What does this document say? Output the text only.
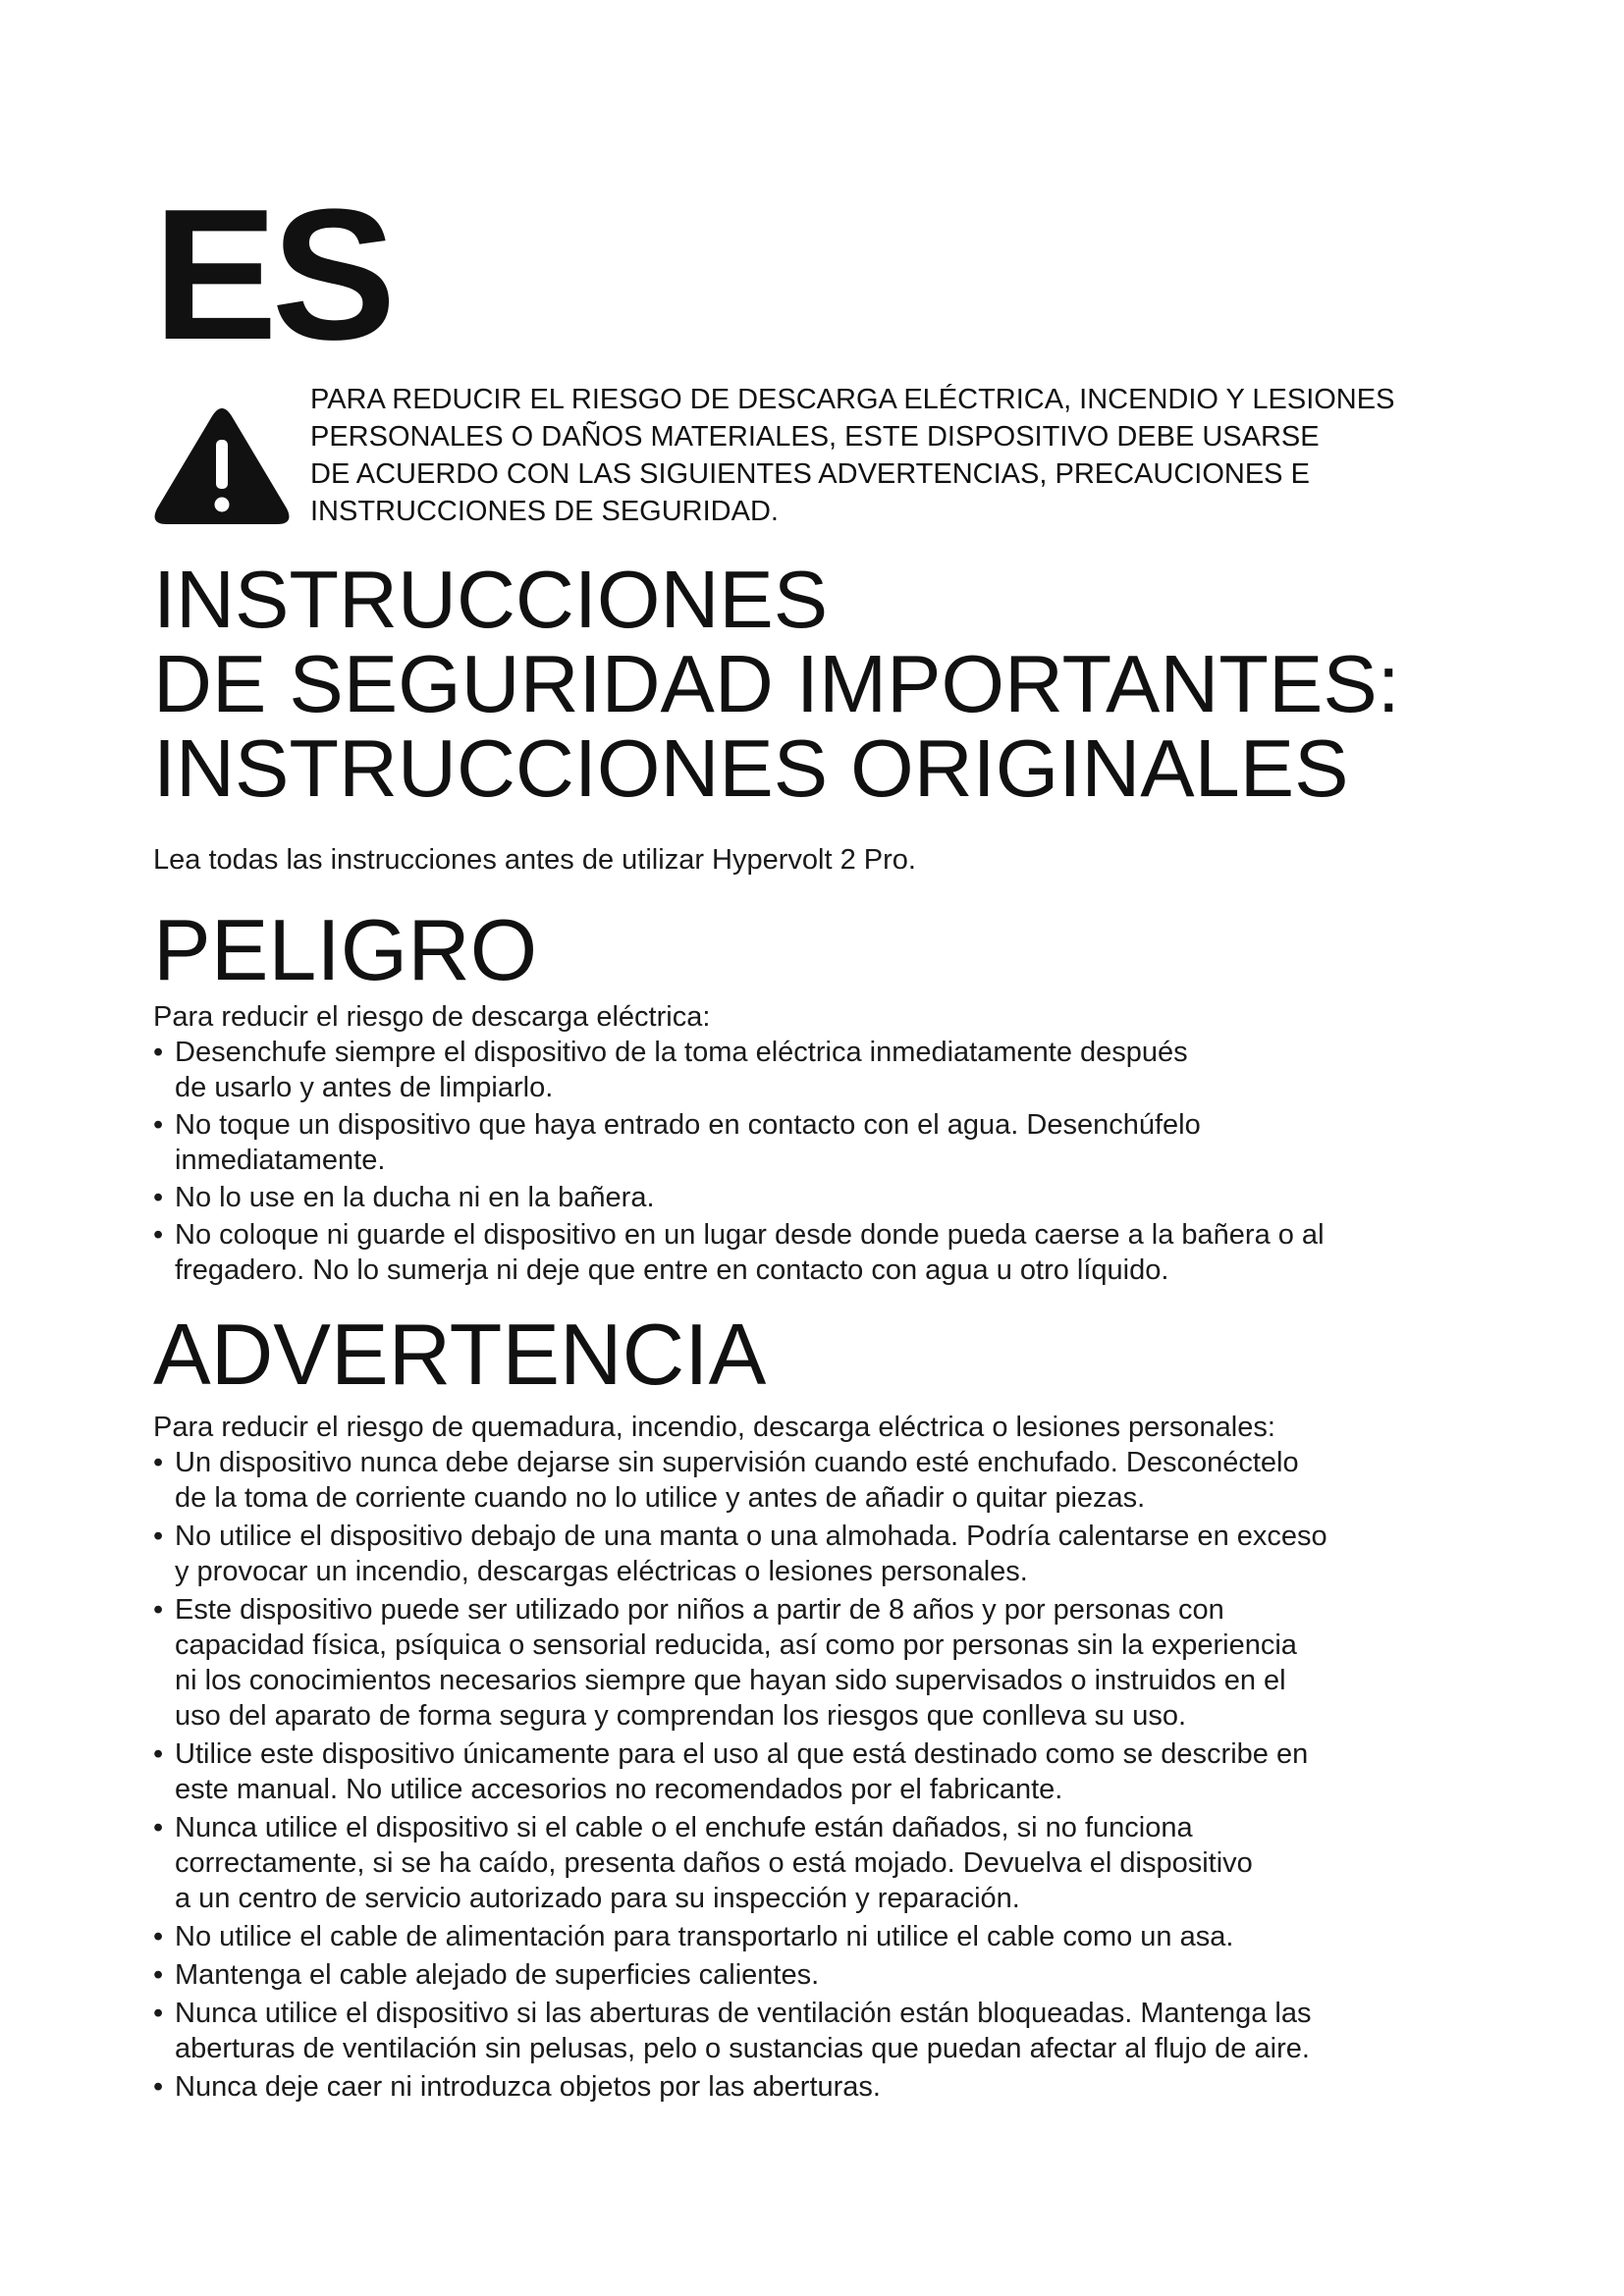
ES

PARA REDUCIR EL RIESGO DE DESCARGA ELÉCTRICA, INCENDIO Y LESIONES
PERSONALES O DAÑOS MATERIALES, ESTE DISPOSITIVO DEBE USARSE
DE ACUERDO CON LAS SIGUIENTES ADVERTENCIAS, PRECAUCIONES E
INSTRUCCIONES DE SEGURIDAD.

INSTRUCCIONES
DE SEGURIDAD IMPORTANTES:
INSTRUCCIONES ORIGINALES

Lea todas las instrucciones antes de utilizar Hypervolt 2 Pro.

PELIGRO

Para reducir el riesgo de descarga eléctrica:

• Desenchufe siempre el dispositivo de la toma eléctrica inmediatamente después
de usarlo y antes de limpiarlo.
• No toque un dispositivo que haya entrado en contacto con el agua. Desenchúfelo
inmediatamente.
• No lo use en la ducha ni en la bañera.
• No coloque ni guarde el dispositivo en un lugar desde donde pueda caerse a la bañera o al
fregadero. No lo sumerja ni deje que entre en contacto con agua u otro líquido.
ADVERTENCIA

Para reducir el riesgo de quemadura, incendio, descarga eléctrica o lesiones personales:

• Un dispositivo nunca debe dejarse sin supervisión cuando esté enchufado. Desconéctelo
de la toma de corriente cuando no lo utilice y antes de añadir o quitar piezas.
• No utilice el dispositivo debajo de una manta o una almohada. Podría calentarse en exceso
y provocar un incendio, descargas eléctricas o lesiones personales.
• Este dispositivo puede ser utilizado por niños a partir de 8 años y por personas con
capacidad física, psíquica o sensorial reducida, así como por personas sin la experiencia
ni los conocimientos necesarios siempre que hayan sido supervisados o instruidos en el
uso del aparato de forma segura y comprendan los riesgos que conlleva su uso.
• Utilice este dispositivo únicamente para el uso al que está destinado como se describe en
este manual. No utilice accesorios no recomendados por el fabricante.
• Nunca utilice el dispositivo si el cable o el enchufe están dañados, si no funciona
correctamente, si se ha caído, presenta daños o está mojado. Devuelva el dispositivo
a un centro de servicio autorizado para su inspección y reparación.
• No utilice el cable de alimentación para transportarlo ni utilice el cable como un asa.
• Mantenga el cable alejado de superficies calientes.
• Nunca utilice el dispositivo si las aberturas de ventilación están bloqueadas. Mantenga las
aberturas de ventilación sin pelusas, pelo o sustancias que puedan afectar al flujo de aire.
• Nunca deje caer ni introduzca objetos por las aberturas.
